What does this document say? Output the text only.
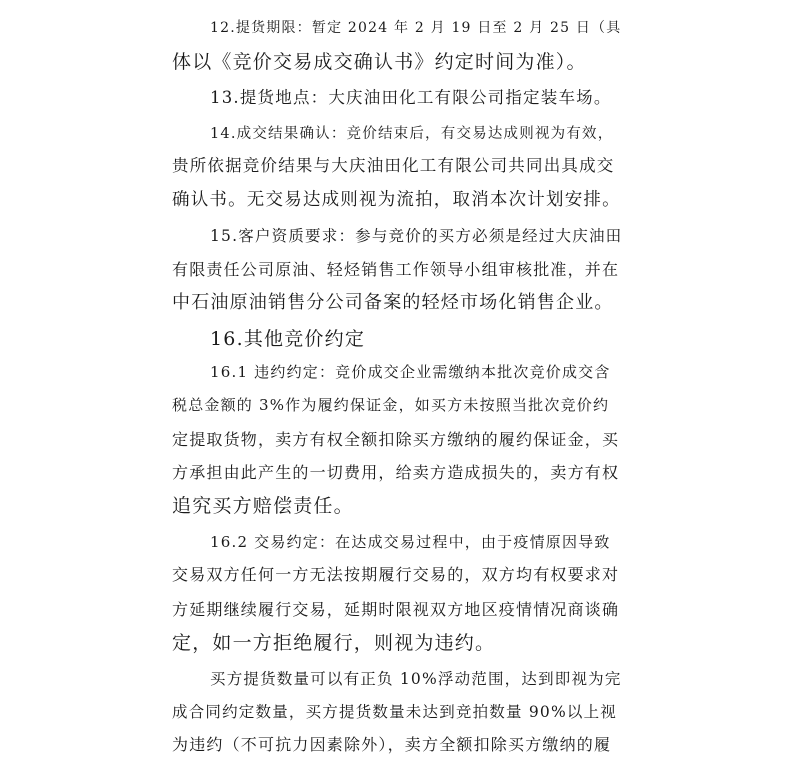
12.提货期限：暂定 2024 年 2 月 19 日至 2 月 25 日（具
体以《竞价交易成交确认书》约定时间为准）。
13.提货地点：大庆油田化工有限公司指定装车场。
14.成交结果确认：竞价结束后，有交易达成则视为有效，
贵所依据竞价结果与大庆油田化工有限公司共同出具成交
确认书。无交易达成则视为流拍，取消本次计划安排。
15.客户资质要求：参与竞价的买方必须是经过大庆油田
有限责任公司原油、轻烃销售工作领导小组审核批准，并在
中石油原油销售分公司备案的轻烃市场化销售企业。
16.其他竞价约定
16.1 违约约定：竞价成交企业需缴纳本批次竞价成交含
税总金额的 3%作为履约保证金，如买方未按照当批次竞价约
定提取货物，卖方有权全额扣除买方缴纳的履约保证金，买
方承担由此产生的一切费用，给卖方造成损失的，卖方有权
追究买方赔偿责任。
16.2 交易约定：在达成交易过程中，由于疫情原因导致
交易双方任何一方无法按期履行交易的，双方均有权要求对
方延期继续履行交易，延期时限视双方地区疫情情况商谈确
定，如一方拒绝履行，则视为违约。
买方提货数量可以有正负 10%浮动范围，达到即视为完
成合同约定数量，买方提货数量未达到竞拍数量 90%以上视
为违约（不可抗力因素除外），卖方全额扣除买方缴纳的履
